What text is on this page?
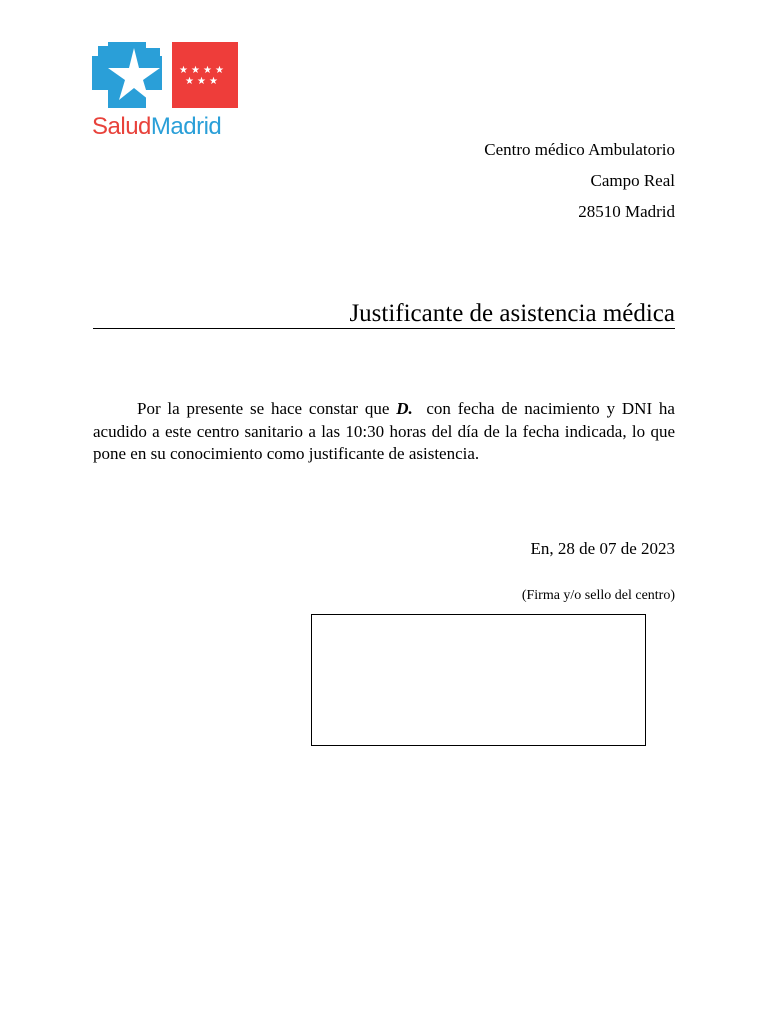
★ ★ ★ ★
★ ★ ★
SaludMadrid
Centro médico Ambulatorio
Campo Real
28510 Madrid
Justificante de asistencia médica

Por la presente se hace constar que D.  con fecha de nacimiento y DNI ha acudido a este centro sanitario a las 10:30 horas del día de la fecha indicada, lo que pone en su conocimiento como justificante de asistencia.

En, 28 de 07 de 2023
(Firma y/o sello del centro)
